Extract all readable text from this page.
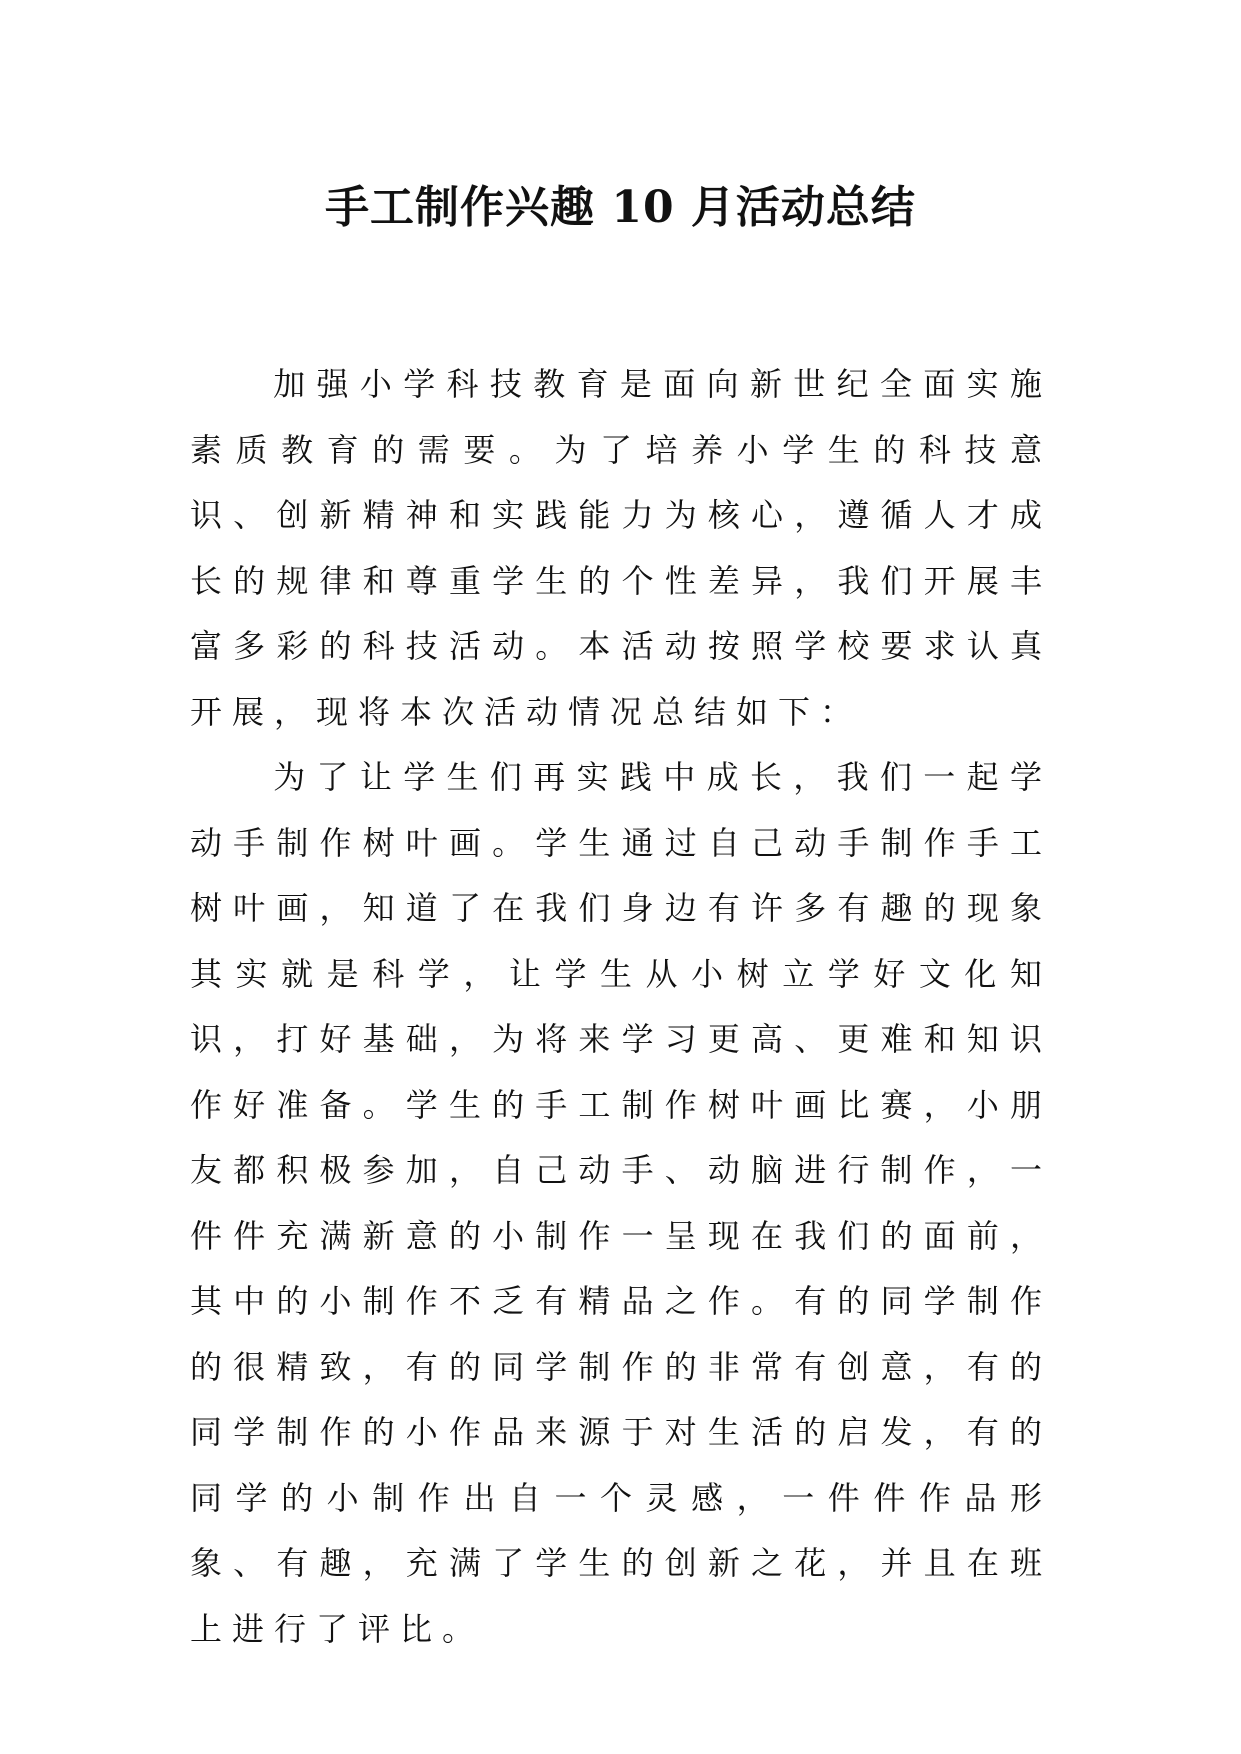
手工制作兴趣 10 月活动总结

加强小学科技教育是面向新世纪全面实施素质教育的需要。为了培养小学生的科技意识、创新精神和实践能力为核心，遵循人才成长的规律和尊重学生的个性差异，我们开展丰富多彩的科技活动。本活动按照学校要求认真开展，现将本次活动情况总结如下：

为了让学生们再实践中成长，我们一起学动手制作树叶画。学生通过自己动手制作手工树叶画，知道了在我们身边有许多有趣的现象其实就是科学，让学生从小树立学好文化知识，打好基础，为将来学习更高、更难和知识作好准备。学生的手工制作树叶画比赛，小朋友都积极参加，自己动手、动脑进行制作，一件件充满新意的小制作一呈现在我们的面前，其中的小制作不乏有精品之作。有的同学制作的很精致，有的同学制作的非常有创意，有的同学制作的小作品来源于对生活的启发，有的同学的小制作出自一个灵感，一件件作品形象、有趣，充满了学生的创新之花，并且在班上进行了评比。
